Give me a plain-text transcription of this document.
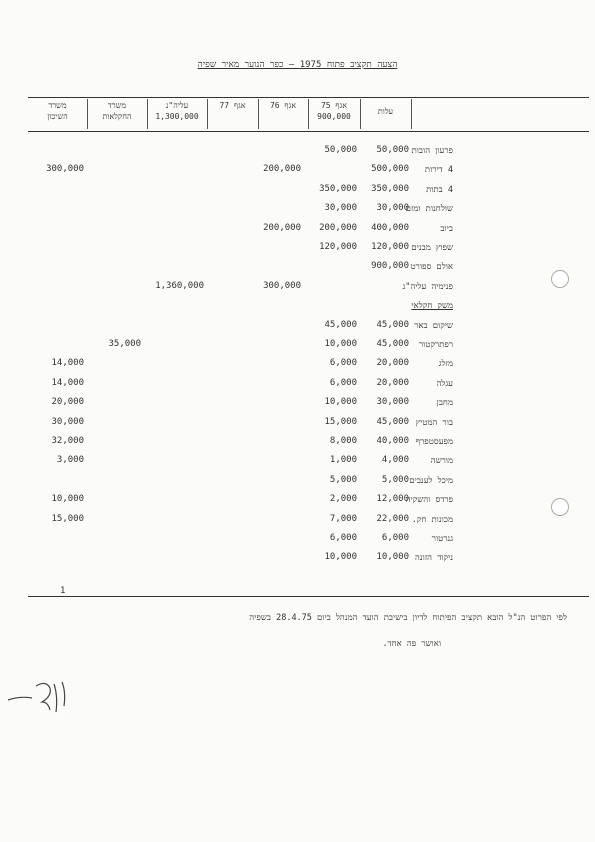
הצעה תקציב פתוח 1975 – כפר הנוער מאיר שפיה
עלות
אגף 75
900,000
אגף 76
אגף 77
עליה"נ
1,300,000
משרד
החקלאות
משרד
השיכון
פרעון הובות
50,000
50,000
4 דירות
500,000
200,000
300,000
4 בתות
350,000
350,000
שולחנות ומזם
30,000
30,000
ביוב
400,000
200,000
200,000
שפוץ מבנים
120,000
120,000
אולם ספורט
900,000
פנימיה עליה"נ
300,000
1,360,000
משק חקלאי
שיקום באר
45,000
45,000
רפתרקטור
45,000
10,000
35,000
מזלג
20,000
6,000
14,000
עגלה
20,000
6,000
14,000
מחבן
30,000
10,000
20,000
בור המטיץ
45,000
15,000
30,000
מפעסטפרף
40,000
8,000
32,000
מורשה
4,000
1,000
3,000
מיכל לענבים
5,000
5,000
פרדס והשקיה
12,000
2,000
10,000
מכונות חק.
22,000
7,000
15,000
גנרטור
6,000
6,000
ניקוד הזונה
10,000
10,000
1
לפי הפרוט הנ"ל הובא תקציב הפיתוח לדיון בישיבת הועד המנהל ביום 28.4.75 בשפיה
ואושר פה אחד.
